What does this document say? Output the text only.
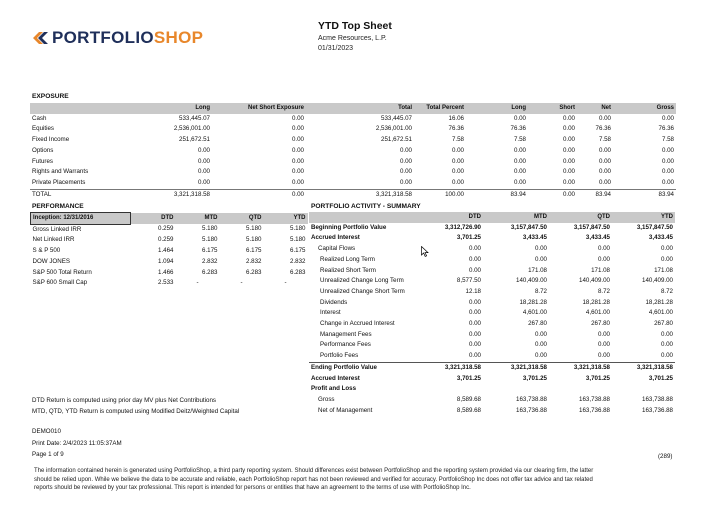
PORTFOLIOSHOP
YTD Top Sheet
Acme Resources, L.P.
01/31/2023
EXPOSURE
	Long	Net Short Exposure	Total	Total Percent	Long	Short	Net	Gross
Cash	533,445.07	0.00	533,445.07	16.06	0.00	0.00	0.00	0.00
Equities	2,536,001.00	0.00	2,536,001.00	76.36	76.36	0.00	76.36	76.36
Fixed Income	251,672.51	0.00	251,672.51	7.58	7.58	0.00	7.58	7.58
Options	0.00	0.00	0.00	0.00	0.00	0.00	0.00	0.00
Futures	0.00	0.00	0.00	0.00	0.00	0.00	0.00	0.00
Rights and Warrants	0.00	0.00	0.00	0.00	0.00	0.00	0.00	0.00
Private Placements	0.00	0.00	0.00	0.00	0.00	0.00	0.00	0.00
TOTAL	3,321,318.58	0.00	3,321,318.58	100.00	83.94	0.00	83.94	83.94
PERFORMANCE
Inception: 12/31/2016	DTD	MTD	QTD	YTD
Gross Linked IRR	0.259	5.180	5.180	5.180
Net Linked IRR	0.259	5.180	5.180	5.180
S & P 500	1.464	6.175	6.175	6.175
DOW JONES	1.094	2.832	2.832	2.832
S&P 500 Total Return	1.466	6.283	6.283	6.283
S&P 600 Small Cap	2.533	-	-	-
DTD Return is computed using prior day MV plus Net Contributions
MTD, QTD, YTD Return is computed using Modified Deitz/Weighted Capital
PORTFOLIO ACTIVITY - SUMMARY
	DTD	MTD	QTD	YTD
Beginning Portfolio Value	3,312,726.90	3,157,847.50	3,157,847.50	3,157,847.50
Accrued Interest	3,701.25	3,433.45	3,433.45	3,433.45
Capital Flows	0.00	0.00	0.00	0.00
Realized Long Term	0.00	0.00	0.00	0.00
Realized Short Term	0.00	171.08	171.08	171.08
Unrealized Change Long Term	8,577.50	140,409.00	140,409.00	140,409.00
Unrealized Change Short Term	12.18	8.72	8.72	8.72
Dividends	0.00	18,281.28	18,281.28	18,281.28
Interest	0.00	4,601.00	4,601.00	4,601.00
Change in Accrued Interest	0.00	267.80	267.80	267.80
Management Fees	0.00	0.00	0.00	0.00
Performance Fees	0.00	0.00	0.00	0.00
Portfolio Fees	0.00	0.00	0.00	0.00
Ending Portfolio Value	3,321,318.58	3,321,318.58	3,321,318.58	3,321,318.58
Accrued Interest	3,701.25	3,701.25	3,701.25	3,701.25
Profit and Loss				
Gross	8,589.68	163,738.88	163,738.88	163,738.88
Net of Management	8,589.68	163,736.88	163,736.88	163,736.88
DEMO010
Print Date: 2/4/2023 11:05:37AM
Page 1 of 9	(289)
The information contained herein is generated using PortfolioShop, a third party reporting system. Should differences exist between PortfolioShop and the reporting system provided via our clearing firm, the latter should be relied upon. While we believe the data to be accurate and reliable, each PortfolioShop report has not been reviewed and verified for accuracy. PortfolioShop Inc does not offer tax advice and tax related reports should be reviewed by your tax professional. This report is intended for persons or entities that have an agreement to the terms of use with PortfolioShop Inc.
